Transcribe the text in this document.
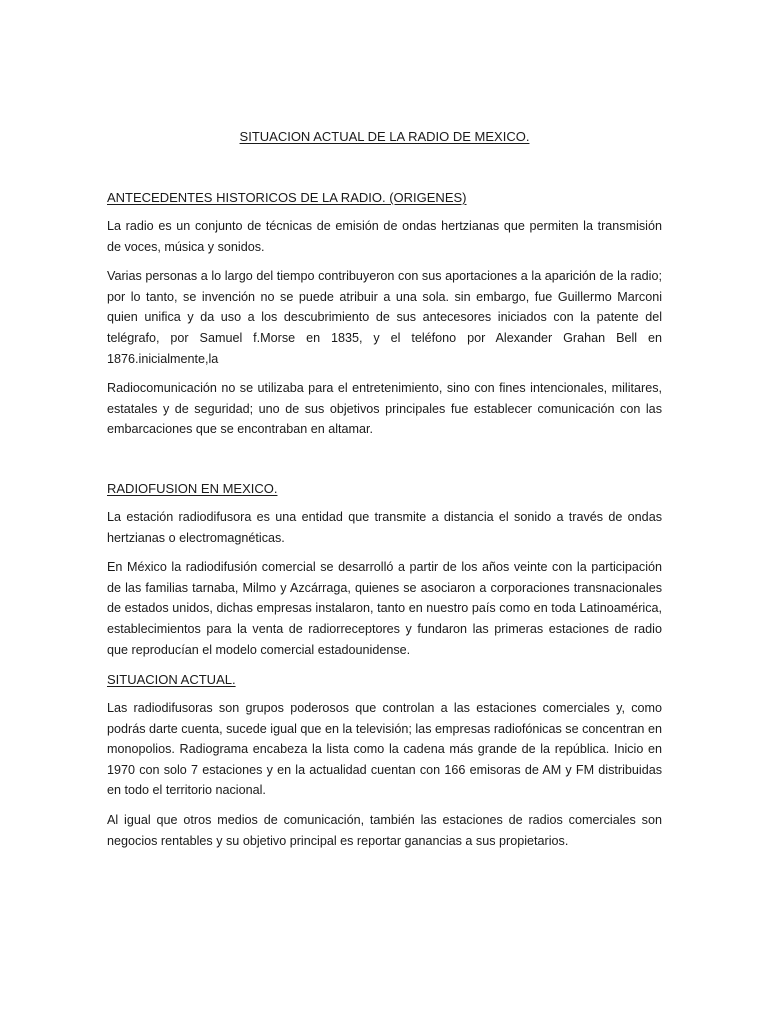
SITUACION ACTUAL DE LA RADIO DE MEXICO.
ANTECEDENTES HISTORICOS DE LA RADIO. (ORIGENES)

La radio es un conjunto de técnicas de emisión de ondas hertzianas que permiten la transmisión de voces, música y sonidos.

Varias personas a lo largo del tiempo contribuyeron con sus aportaciones a la aparición de la radio; por lo tanto, se invención no se puede atribuir a una sola. sin embargo, fue Guillermo Marconi quien unifica y da uso a los descubrimiento de sus antecesores iniciados con la patente del telégrafo, por Samuel f.Morse en 1835, y el teléfono por Alexander Grahan Bell en 1876.inicialmente,la

Radiocomunicación no se utilizaba para el entretenimiento, sino con fines intencionales, militares, estatales y de seguridad; uno de sus objetivos principales fue establecer comunicación con las embarcaciones que se encontraban en altamar.

RADIOFUSION EN MEXICO.

La estación radiodifusora es una entidad que transmite a distancia el sonido a través de ondas hertzianas o electromagnéticas.

En México la radiodifusión comercial se desarrolló a partir de los años veinte con la participación de las familias tarnaba, Milmo y Azcárraga, quienes se asociaron a corporaciones transnacionales de estados unidos, dichas empresas instalaron, tanto en nuestro país como en toda Latinoamérica, establecimientos para la venta de radiorreceptores y fundaron las primeras estaciones de radio que reproducían el modelo comercial estadounidense.

SITUACION ACTUAL.

Las radiodifusoras son grupos poderosos que controlan a las estaciones comerciales y, como podrás darte cuenta, sucede igual que en la televisión; las empresas radiofónicas se concentran en monopolios. Radiograma encabeza la lista como la cadena más grande de la república. Inicio en 1970 con solo 7 estaciones y en la actualidad cuentan con 166 emisoras de AM y FM distribuidas en todo el territorio nacional.

Al igual que otros medios de comunicación, también las estaciones de radios comerciales son negocios rentables y su objetivo principal es reportar ganancias a sus propietarios.
